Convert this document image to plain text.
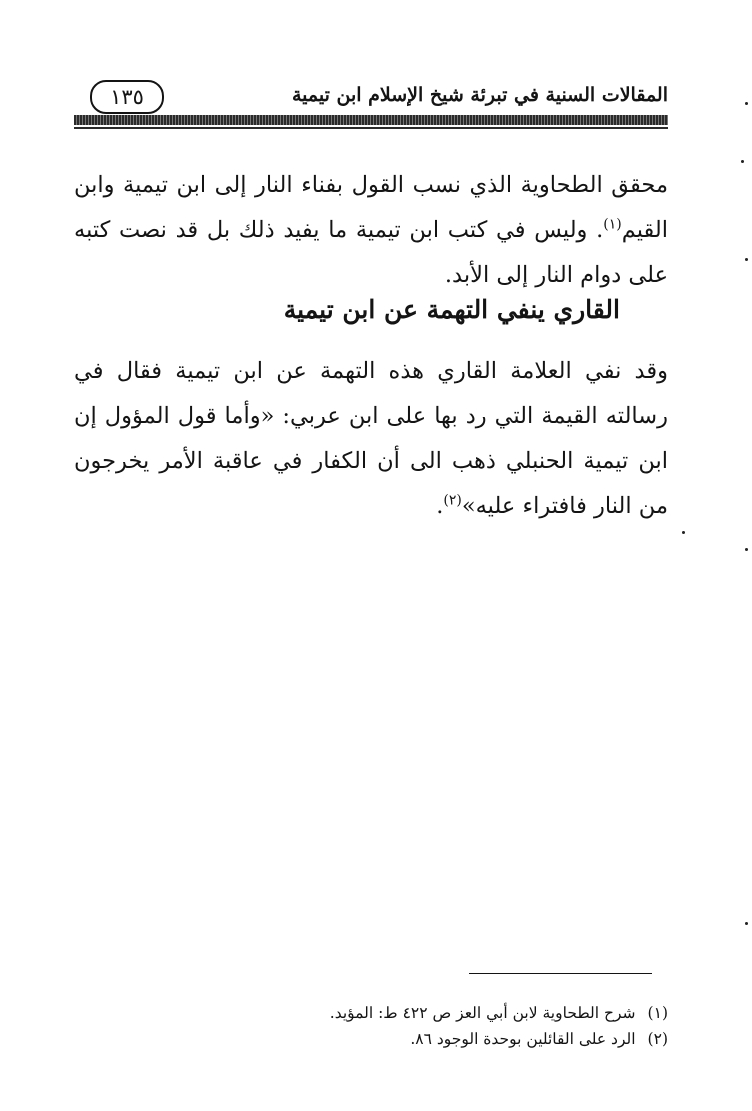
المقالات السنية في تبرئة شيخ الإسلام ابن تيمية
١٣٥
محقق الطحاوية الذي نسب القول بفناء النار إلى ابن تيمية وابن القيم$^{(١)}$. وليس في كتب ابن تيمية ما يفيد ذلك بل قد نصت كتبه على دوام النار إلى الأبد.
القاري ينفي التهمة عن ابن تيمية
وقد نفي العلامة القاري هذه التهمة عن ابن تيمية فقال في رسالته القيمة التي رد بها على ابن عربي: «وأما قول المؤول إن ابن تيمية الحنبلي ذهب الى أن الكفار في عاقبة الأمر يخرجون من النار فافتراء عليه»$^{(٢)}$.
(١)
شرح الطحاوية لابن أبي العز ص ٤٢٢ ط: المؤيد.
(٢)
الرد على القائلين بوحدة الوجود ٨٦.
